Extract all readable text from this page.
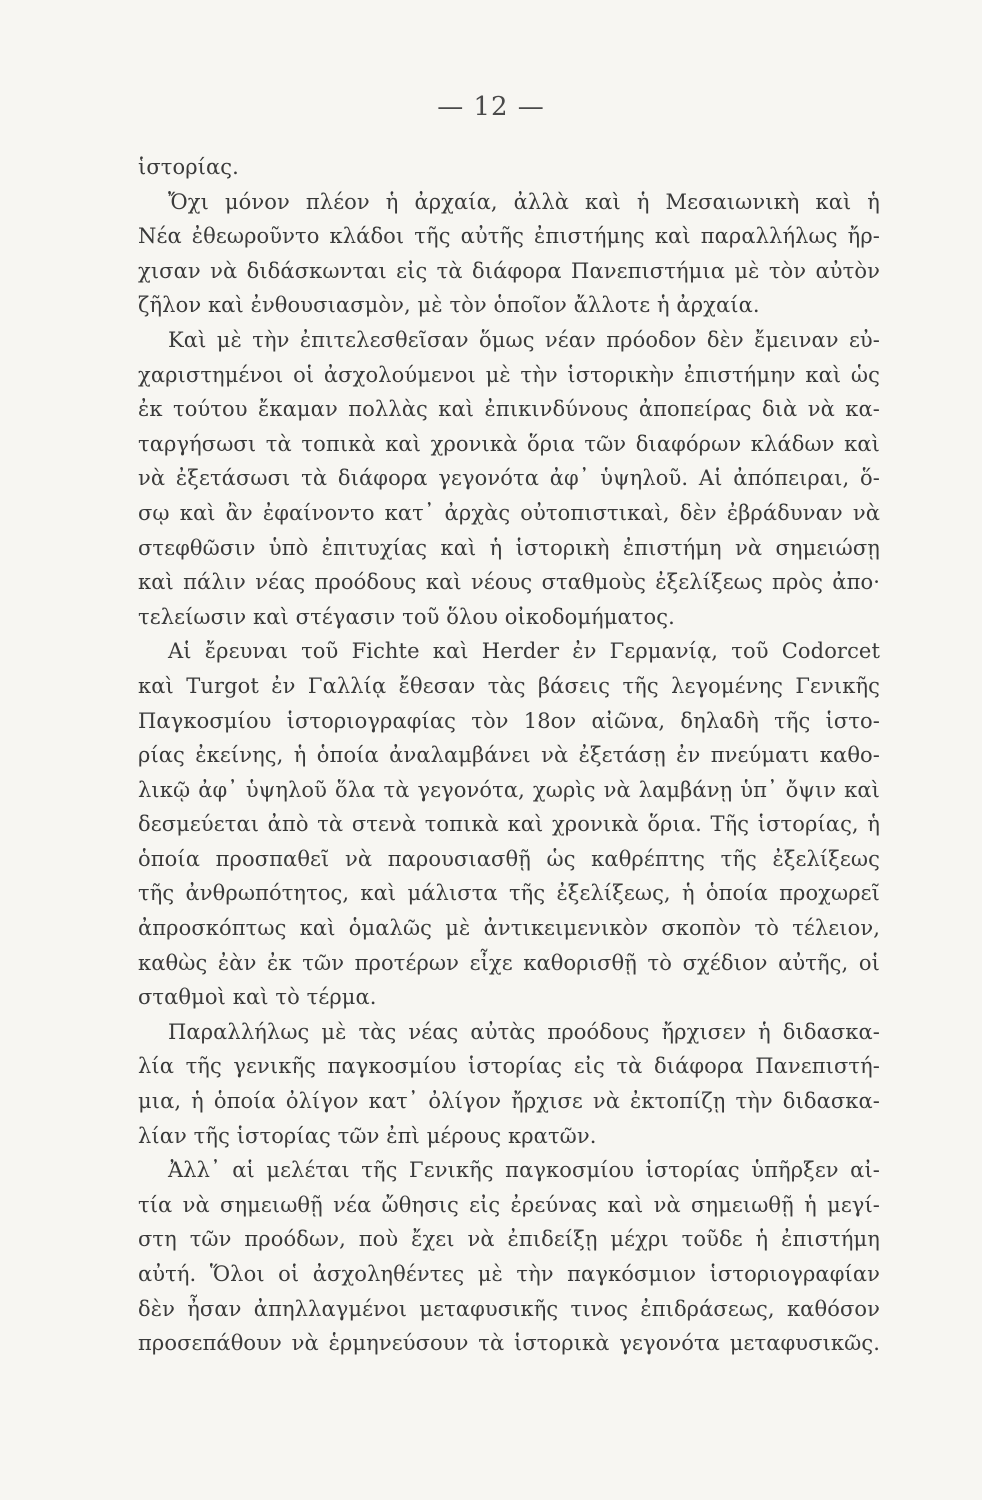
— 12 —
ἱστορίας.
Ὄχι μόνον πλέον ἡ ἀρχαία, ἀλλὰ καὶ ἡ Μεσαιωνικὴ καὶ ἡ
Νέα ἐθεωροῦντο κλάδοι τῆς αὐτῆς ἐπιστήμης καὶ παραλλήλως ἤρ-
χισαν νὰ διδάσκωνται εἰς τὰ διάφορα Πανεπιστήμια μὲ τὸν αὐτὸν
ζῆλον καὶ ἐνθουσιασμὸν, μὲ τὸν ὁποῖον ἄλλοτε ἡ ἀρχαία.
Καὶ μὲ τὴν ἐπιτελεσθεῖσαν ὅμως νέαν πρόοδον δὲν ἔμειναν εὐ-
χαριστημένοι οἱ ἀσχολούμενοι μὲ τὴν ἱστορικὴν ἐπιστήμην καὶ ὡς
ἐκ τούτου ἔκαμαν πολλὰς καὶ ἐπικινδύνους ἀποπείρας διὰ νὰ κα-
ταργήσωσι τὰ τοπικὰ καὶ χρονικὰ ὅρια τῶν διαφόρων κλάδων καὶ
νὰ ἐξετάσωσι τὰ διάφορα γεγονότα ἀφ᾽ ὑψηλοῦ. Αἱ ἀπόπειραι, ὅ-
σῳ καὶ ἂν ἐφαίνοντο κατ᾽ ἀρχὰς οὐτοπιστικαὶ, δὲν ἐβράδυναν νὰ
στεφθῶσιν ὑπὸ ἐπιτυχίας καὶ ἡ ἱστορικὴ ἐπιστήμη νὰ σημειώσῃ
καὶ πάλιν νέας προόδους καὶ νέους σταθμοὺς ἐξελίξεως πρὸς ἀπο·
τελείωσιν καὶ στέγασιν τοῦ ὅλου οἰκοδομήματος.
Αἱ ἔρευναι τοῦ Fichte καὶ Herder ἐν Γερμανίᾳ, τοῦ Codorcet
καὶ Turgot ἐν Γαλλίᾳ ἔθεσαν τὰς βάσεις τῆς λεγομένης Γενικῆς
Παγκοσμίου ἱστοριογραφίας τὸν 18ον αἰῶνα, δηλαδὴ τῆς ἱστο-
ρίας ἐκείνης, ἡ ὁποία ἀναλαμβάνει νὰ ἐξετάσῃ ἐν πνεύματι καθο-
λικῷ ἀφ᾽ ὑψηλοῦ ὅλα τὰ γεγονότα, χωρὶς νὰ λαμβάνῃ ὑπ᾽ ὄψιν καὶ
δεσμεύεται ἀπὸ τὰ στενὰ τοπικὰ καὶ χρονικὰ ὅρια. Τῆς ἱστορίας, ἡ
ὁποία προσπαθεῖ νὰ παρουσιασθῇ ὡς καθρέπτης τῆς ἐξελίξεως
τῆς ἀνθρωπότητος, καὶ μάλιστα τῆς ἐξελίξεως, ἡ ὁποία προχωρεῖ
ἀπροσκόπτως καὶ ὁμαλῶς μὲ ἀντικειμενικὸν σκοπὸν τὸ τέλειον,
καθὼς ἐὰν ἐκ τῶν προτέρων εἶχε καθορισθῇ τὸ σχέδιον αὐτῆς, οἱ
σταθμοὶ καὶ τὸ τέρμα.
Παραλλήλως μὲ τὰς νέας αὐτὰς προόδους ἤρχισεν ἡ διδασκα-
λία τῆς γενικῆς παγκοσμίου ἱστορίας εἰς τὰ διάφορα Πανεπιστή-
μια, ἡ ὁποία ὀλίγον κατ᾽ ὀλίγον ἤρχισε νὰ ἐκτοπίζῃ τὴν διδασκα-
λίαν τῆς ἱστορίας τῶν ἐπὶ μέρους κρατῶν.
Ἀλλ᾽ αἱ μελέται τῆς Γενικῆς παγκοσμίου ἱστορίας ὑπῆρξεν αἰ-
τία νὰ σημειωθῇ νέα ὤθησις εἰς ἐρεύνας καὶ νὰ σημειωθῇ ἡ μεγί-
στη τῶν προόδων, ποὺ ἔχει νὰ ἐπιδείξῃ μέχρι τοῦδε ἡ ἐπιστήμη
αὐτή. Ὅλοι οἱ ἀσχοληθέντες μὲ τὴν παγκόσμιον ἱστοριογραφίαν
δὲν ἦσαν ἀπηλλαγμένοι μεταφυσικῆς τινος ἐπιδράσεως, καθόσον
προσεπάθουν νὰ ἑρμηνεύσουν τὰ ἱστορικὰ γεγονότα μεταφυσικῶς.
